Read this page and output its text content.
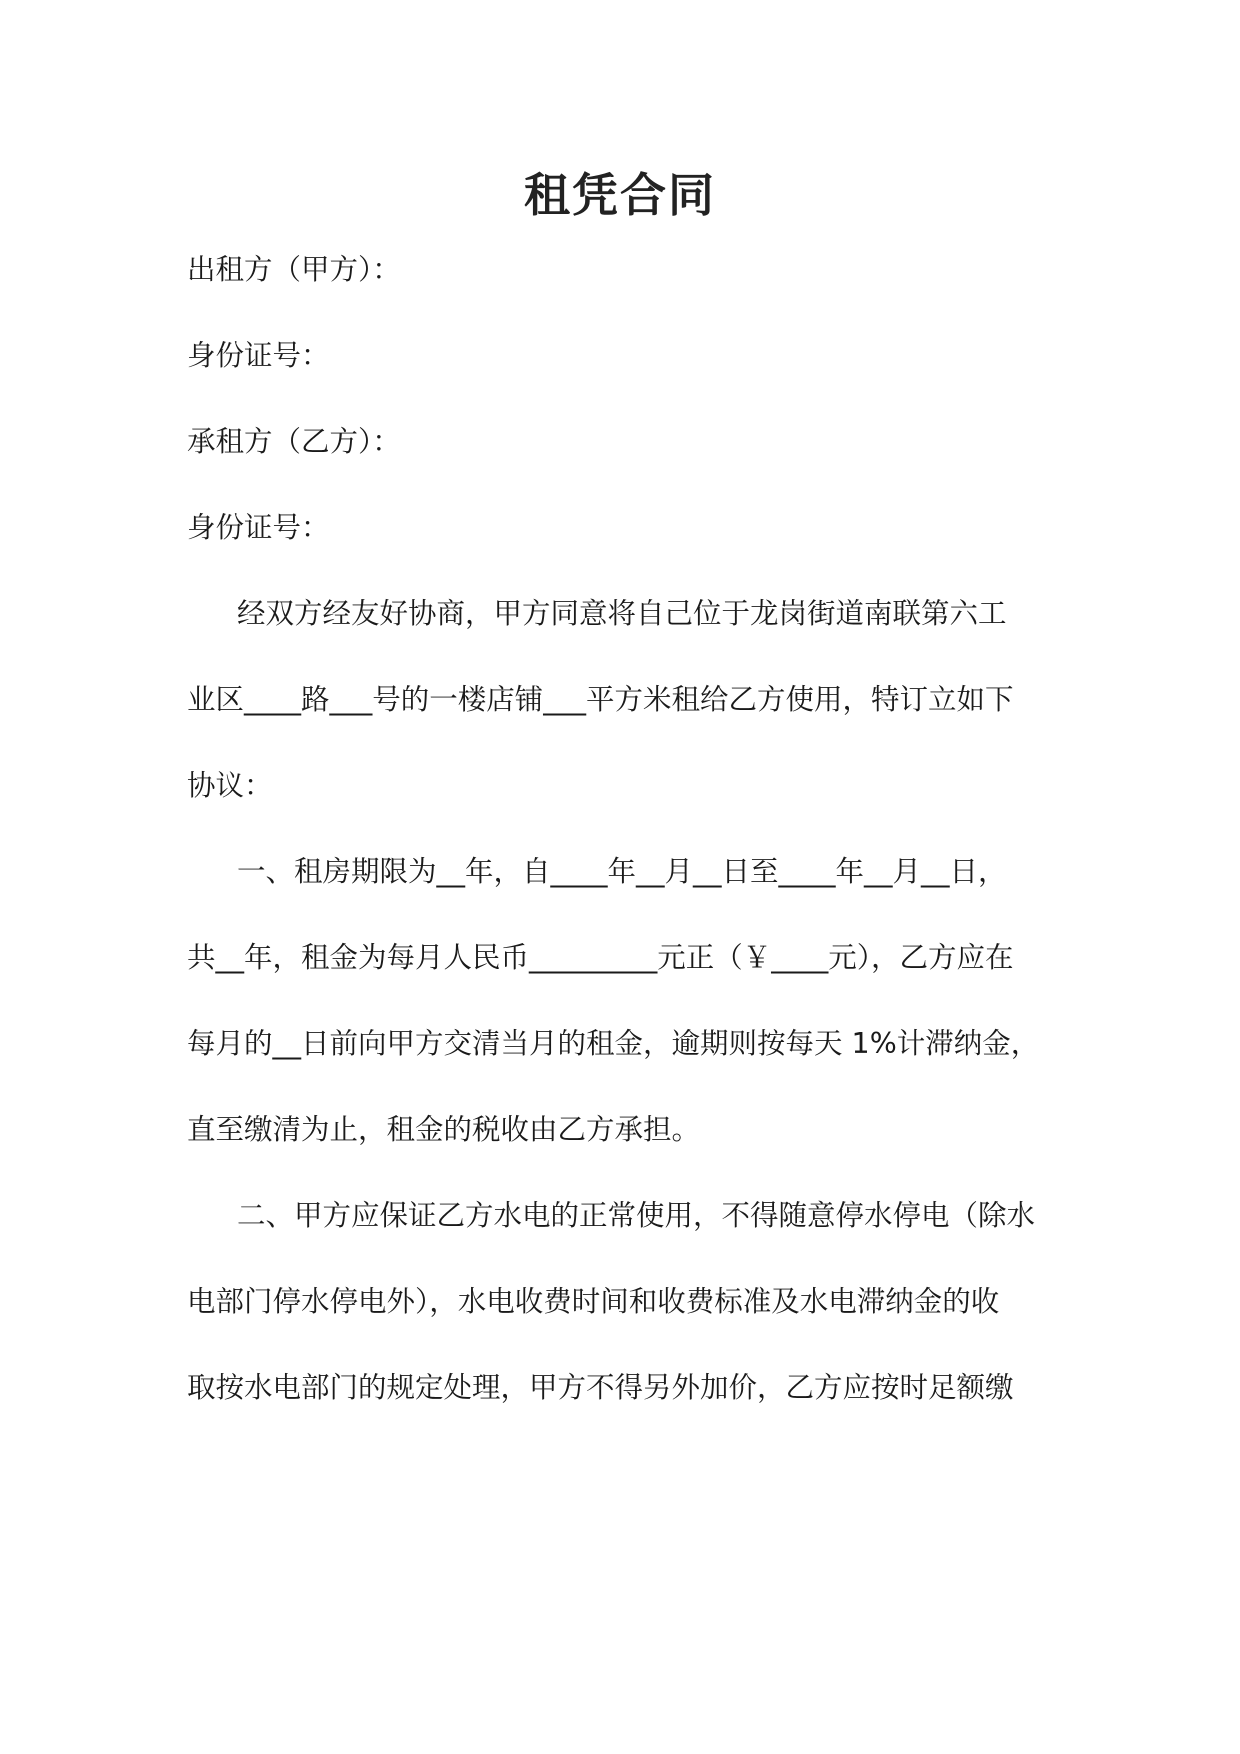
租凭合同
出租方（甲方）：
身份证号：
承租方（乙方）：
身份证号：
经双方经友好协商，甲方同意将自己位于龙岗街道南联第六工
业区____路___号的一楼店铺___平方米租给乙方使用，特订立如下
协议：
一、租房期限为__年，自____年__月__日至____年__月__日，
共__年，租金为每月人民币_________元正（￥____元），乙方应在
每月的__日前向甲方交清当月的租金，逾期则按每天 1%计滞纳金，
直至缴清为止，租金的税收由乙方承担。
二、甲方应保证乙方水电的正常使用，不得随意停水停电（除水
电部门停水停电外），水电收费时间和收费标准及水电滞纳金的收
取按水电部门的规定处理，甲方不得另外加价，乙方应按时足额缴
